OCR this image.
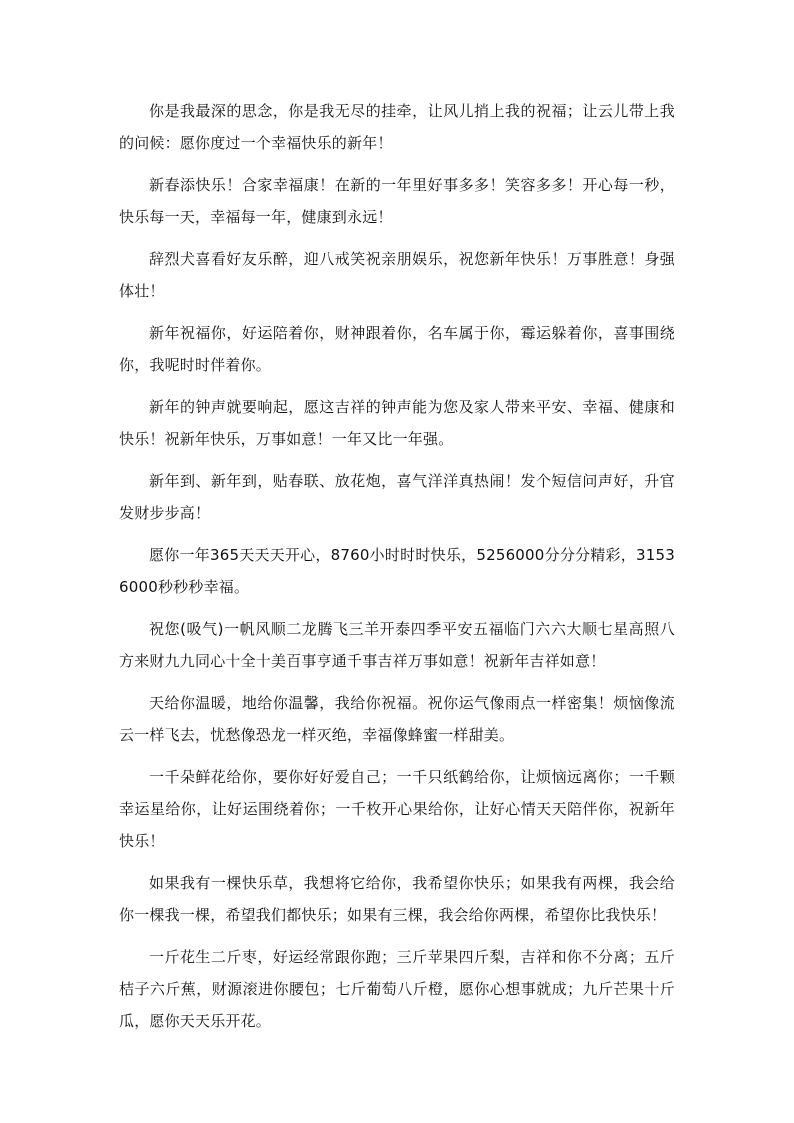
你是我最深的思念，你是我无尽的挂牵，让风儿捎上我的祝福；让云儿带上我的问候：愿你度过一个幸福快乐的新年！

新春添快乐！合家幸福康！在新的一年里好事多多！笑容多多！开心每一秒，快乐每一天，幸福每一年，健康到永远！

辞烈犬喜看好友乐醉，迎八戒笑祝亲朋娱乐，祝您新年快乐！万事胜意！身强体壮！

新年祝福你，好运陪着你，财神跟着你，名车属于你，霉运躲着你，喜事围绕你，我呢时时伴着你。

新年的钟声就要响起，愿这吉祥的钟声能为您及家人带来平安、幸福、健康和快乐！祝新年快乐，万事如意！一年又比一年强。

新年到、新年到，贴春联、放花炮，喜气洋洋真热闹！发个短信问声好，升官发财步步高！

愿你一年365天天天开心，8760小时时时快乐，5256000分分分精彩，31536000秒秒秒幸福。

祝您(吸气)一帆风顺二龙腾飞三羊开泰四季平安五福临门六六大顺七星高照八方来财九九同心十全十美百事亨通千事吉祥万事如意！祝新年吉祥如意！

天给你温暖，地给你温馨，我给你祝福。祝你运气像雨点一样密集！烦恼像流云一样飞去，忧愁像恐龙一样灭绝，幸福像蜂蜜一样甜美。

一千朵鲜花给你，要你好好爱自己；一千只纸鹤给你，让烦恼远离你；一千颗幸运星给你，让好运围绕着你；一千枚开心果给你，让好心情天天陪伴你，祝新年快乐！

如果我有一棵快乐草，我想将它给你，我希望你快乐；如果我有两棵，我会给你一棵我一棵，希望我们都快乐；如果有三棵，我会给你两棵，希望你比我快乐！

一斤花生二斤枣，好运经常跟你跑；三斤苹果四斤梨，吉祥和你不分离；五斤桔子六斤蕉，财源滚进你腰包；七斤葡萄八斤橙，愿你心想事就成；九斤芒果十斤瓜，愿你天天乐开花。
